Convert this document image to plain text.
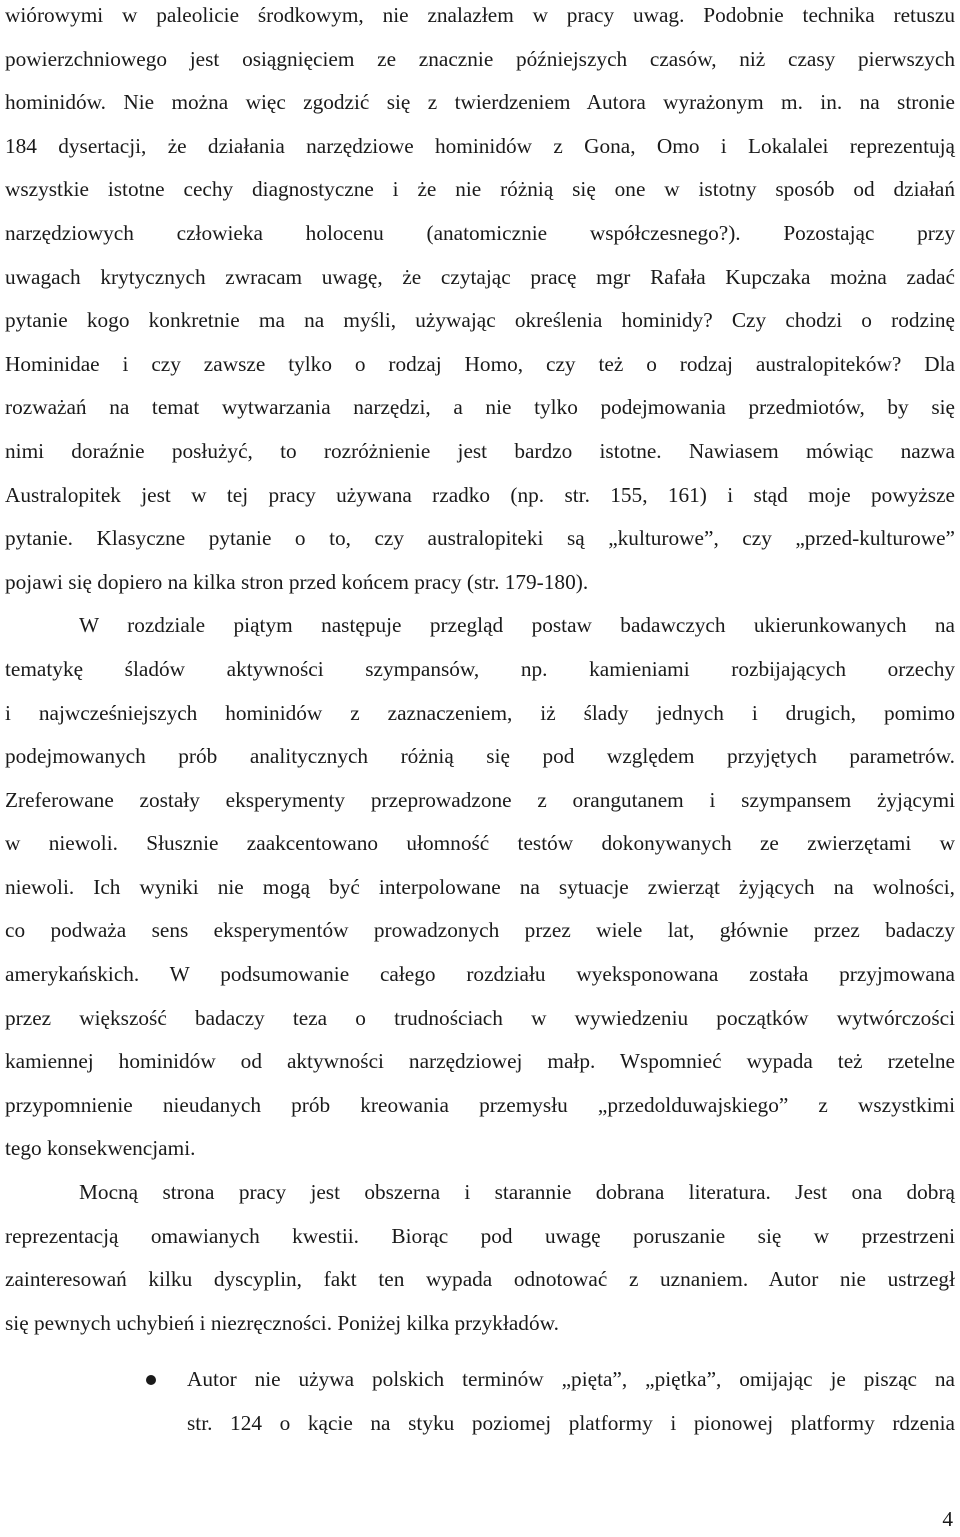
wiórowymi w paleolicie środkowym, nie znalazłem w pracy uwag. Podobnie technika retuszu
powierzchniowego jest osiągnięciem ze znacznie późniejszych czasów, niż czasy pierwszych
hominidów. Nie można więc zgodzić się z twierdzeniem Autora wyrażonym m. in. na stronie
184 dysertacji, że działania narzędziowe hominidów z Gona, Omo i Lokalalei reprezentują
wszystkie istotne cechy diagnostyczne i że nie różnią się one w istotny sposób od działań
narzędziowych człowieka holocenu (anatomicznie współczesnego?). Pozostając przy
uwagach krytycznych zwracam uwagę, że czytając pracę mgr Rafała Kupczaka można zadać
pytanie kogo konkretnie ma na myśli, używając określenia hominidy? Czy chodzi o rodzinę
Hominidae i czy zawsze tylko o rodzaj Homo, czy też o rodzaj australopiteków? Dla
rozważań na temat wytwarzania narzędzi, a nie tylko podejmowania przedmiotów, by się
nimi doraźnie posłużyć, to rozróżnienie jest bardzo istotne. Nawiasem mówiąc nazwa
Australopitek jest w tej pracy używana rzadko (np. str. 155, 161) i stąd moje powyższe
pytanie. Klasyczne pytanie o to, czy australopiteki są „kulturowe”, czy „przed-kulturowe”
pojawi się dopiero na kilka stron przed końcem pracy (str. 179-180).
W rozdziale piątym następuje przegląd postaw badawczych ukierunkowanych na
tematykę śladów aktywności szympansów, np. kamieniami rozbijających orzechy
i najwcześniejszych hominidów z zaznaczeniem, iż ślady jednych i drugich, pomimo
podejmowanych prób analitycznych różnią się pod względem przyjętych parametrów.
Zreferowane zostały eksperymenty przeprowadzone z orangutanem i szympansem żyjącymi
w niewoli. Słusznie zaakcentowano ułomność testów dokonywanych ze zwierzętami w
niewoli. Ich wyniki nie mogą być interpolowane na sytuacje zwierząt żyjących na wolności,
co podważa sens eksperymentów prowadzonych przez wiele lat, głównie przez badaczy
amerykańskich. W podsumowanie całego rozdziału wyeksponowana została przyjmowana
przez większość badaczy teza o trudnościach w wywiedzeniu początków wytwórczości
kamiennej hominidów od aktywności narzędziowej małp. Wspomnieć wypada też rzetelne
przypomnienie nieudanych prób kreowania przemysłu „przedolduwajskiego” z wszystkimi
tego konsekwencjami.
Mocną strona pracy jest obszerna i starannie dobrana literatura. Jest ona dobrą
reprezentacją omawianych kwestii. Biorąc pod uwagę poruszanie się w przestrzeni
zainteresowań kilku dyscyplin, fakt ten wypada odnotować z uznaniem. Autor nie ustrzegł
się pewnych uchybień i niezręczności. Poniżej kilka przykładów.
Autor nie używa polskich terminów „pięta”, „piętka”, omijając je pisząc na
str. 124 o kącie na styku poziomej platformy i pionowej platformy rdzenia
4
